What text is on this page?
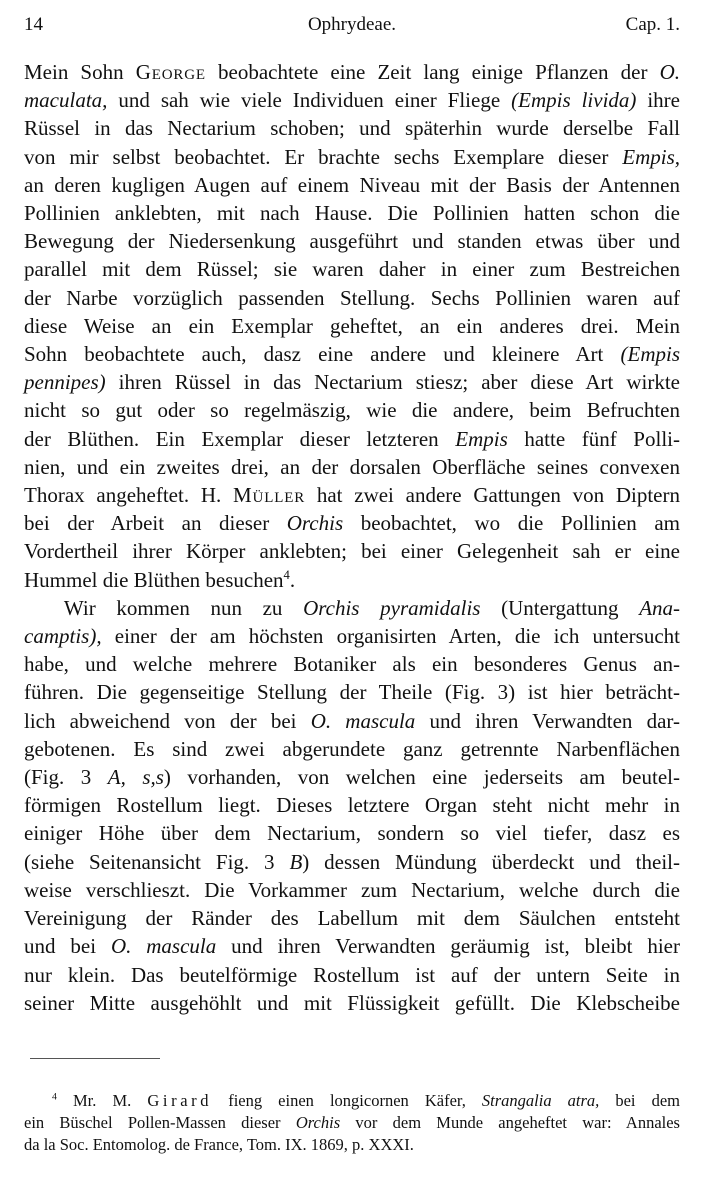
14	Ophrydeae.	Cap. 1.

Mein Sohn George beobachtete eine Zeit lang einige Pflanzen der O.
maculata, und sah wie viele Individuen einer Fliege (Empis livida) ihre
Rüssel in das Nectarium schoben; und späterhin wurde derselbe Fall
von mir selbst beobachtet. Er brachte sechs Exemplare dieser Empis,
an deren kugligen Augen auf einem Niveau mit der Basis der Antennen
Pollinien anklebten, mit nach Hause. Die Pollinien hatten schon die
Bewegung der Niedersenkung ausgeführt und standen etwas über und
parallel mit dem Rüssel; sie waren daher in einer zum Bestreichen
der Narbe vorzüglich passenden Stellung. Sechs Pollinien waren auf
diese Weise an ein Exemplar geheftet, an ein anderes drei. Mein
Sohn beobachtete auch, dasz eine andere und kleinere Art (Empis
pennipes) ihren Rüssel in das Nectarium stiesz; aber diese Art wirkte
nicht so gut oder so regelmäszig, wie die andere, beim Befruchten
der Blüthen. Ein Exemplar dieser letzteren Empis hatte fünf Polli-
nien, und ein zweites drei, an der dorsalen Oberfläche seines convexen
Thorax angeheftet. H. Müller hat zwei andere Gattungen von Diptern
bei der Arbeit an dieser Orchis beobachtet, wo die Pollinien am
Vordertheil ihrer Körper anklebten; bei einer Gelegenheit sah er eine
Hummel die Blüthen besuchen$^4$.

Wir kommen nun zu Orchis pyramidalis (Untergattung Ana-
camptis), einer der am höchsten organisirten Arten, die ich untersucht
habe, und welche mehrere Botaniker als ein besonderes Genus an-
führen. Die gegenseitige Stellung der Theile (Fig. 3) ist hier beträcht-
lich abweichend von der bei O. mascula und ihren Verwandten dar-
gebotenen. Es sind zwei abgerundete ganz getrennte Narbenflächen
(Fig. 3 A, s,s) vorhanden, von welchen eine jederseits am beutel-
förmigen Rostellum liegt. Dieses letztere Organ steht nicht mehr in
einiger Höhe über dem Nectarium, sondern so viel tiefer, dasz es
(siehe Seitenansicht Fig. 3 B) dessen Mündung überdeckt und theil-
weise verschlieszt. Die Vorkammer zum Nectarium, welche durch die
Vereinigung der Ränder des Labellum mit dem Säulchen entsteht
und bei O. mascula und ihren Verwandten geräumig ist, bleibt hier
nur klein. Das beutelförmige Rostellum ist auf der untern Seite in
seiner Mitte ausgehöhlt und mit Flüssigkeit gefüllt. Die Klebscheibe

$^4$ Mr. M. Girard fieng einen longicornen Käfer, Strangalia atra, bei dem
ein Büschel Pollen-Massen dieser Orchis vor dem Munde angeheftet war: Annales
da la Soc. Entomolog. de France, Tom. IX. 1869, p. XXXI.
